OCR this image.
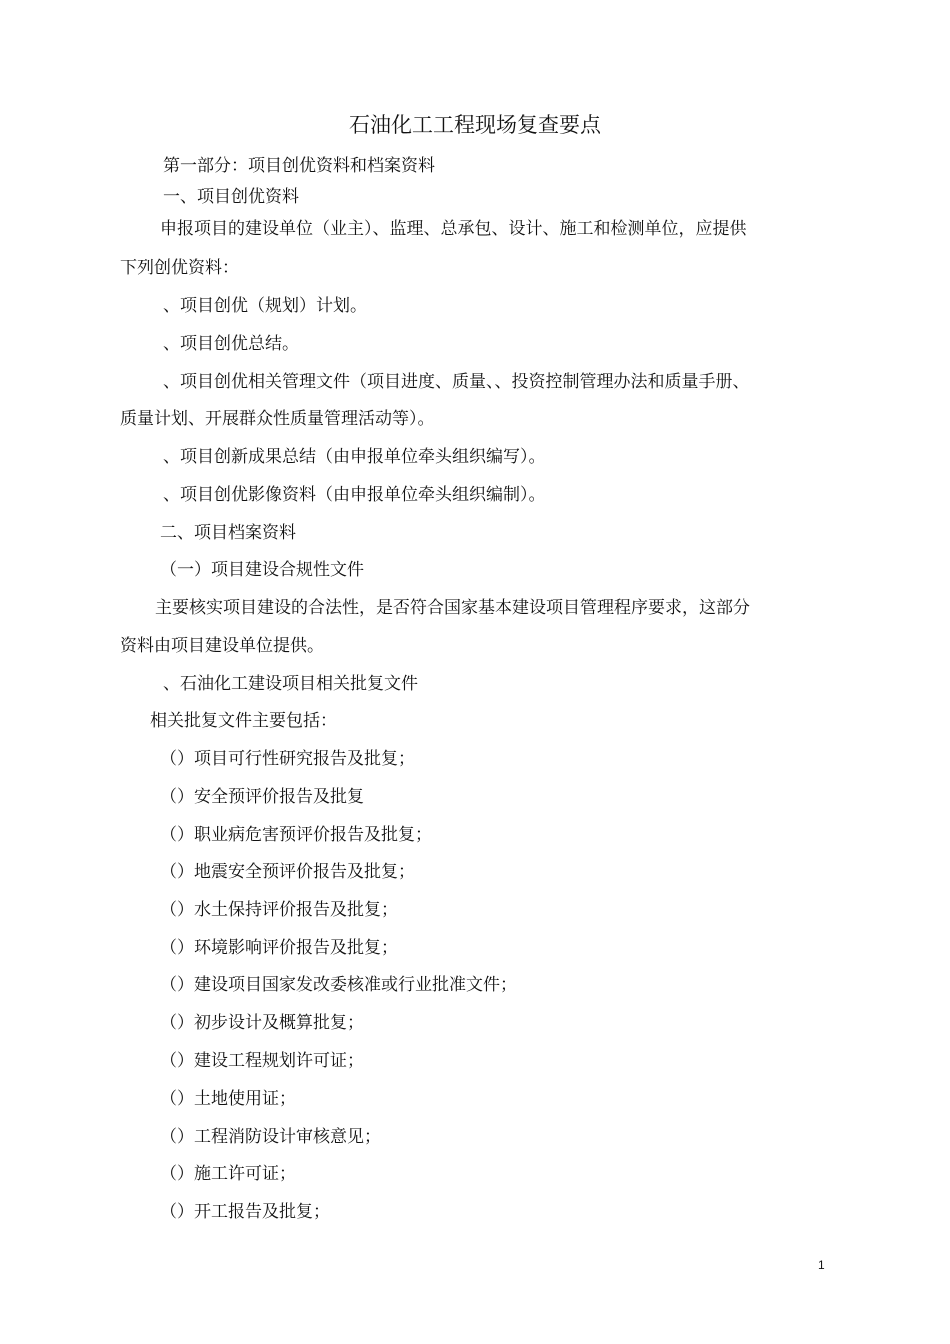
石油化工工程现场复查要点
第一部分：项目创优资料和档案资料
一、项目创优资料
申报项目的建设单位（业主）、监理、总承包、设计、施工和检测单位，应提供
下列创优资料：
、项目创优（规划）计划。
、项目创优总结。
、项目创优相关管理文件（项目进度、质量、、投资控制管理办法和质量手册、
质量计划、开展群众性质量管理活动等）。
、项目创新成果总结（由申报单位牵头组织编写）。
、项目创优影像资料（由申报单位牵头组织编制）。
二、项目档案资料
（一）项目建设合规性文件
主要核实项目建设的合法性，是否符合国家基本建设项目管理程序要求，这部分
资料由项目建设单位提供。
、石油化工建设项目相关批复文件
相关批复文件主要包括：
（）项目可行性研究报告及批复；
（）安全预评价报告及批复
（）职业病危害预评价报告及批复；
（）地震安全预评价报告及批复；
（）水土保持评价报告及批复；
（）环境影响评价报告及批复；
（）建设项目国家发改委核准或行业批准文件；
（）初步设计及概算批复；
（）建设工程规划许可证；
（）土地使用证；
（）工程消防设计审核意见；
（）施工许可证；
（）开工报告及批复；
1
